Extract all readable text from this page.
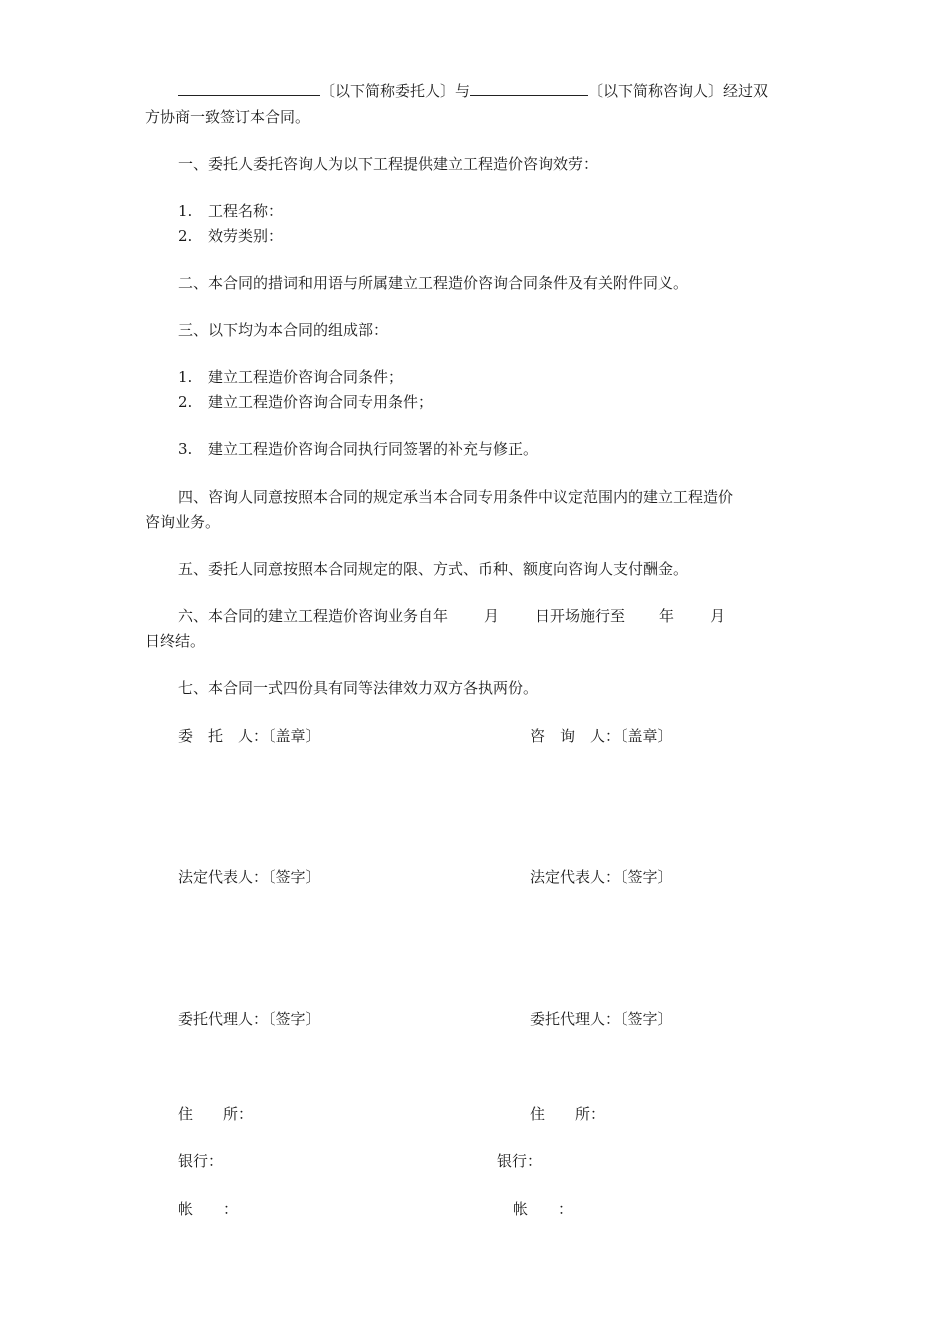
〔以下简称委托人〕与	〔以下简称咨询人〕经过双
方协商一致签订本合同。
一、委托人委托咨询人为以下工程提供建立工程造价咨询效劳：
1. 工程名称：
2. 效劳类别：
二、本合同的措词和用语与所属建立工程造价咨询合同条件及有关附件同义。
三、以下均为本合同的组成部：
1. 建立工程造价咨询合同条件；
2. 建立工程造价咨询合同专用条件；
3. 建立工程造价咨询合同执行同签署的补充与修正。
四、咨询人同意按照本合同的规定承当本合同专用条件中议定范围内的建立工程造价
咨询业务。
五、委托人同意按照本合同规定的限、方式、币种、额度向咨询人支付酬金。
六、本合同的建立工程造价咨询业务自年 月 日开场施行至 年 月
日终结。
七、本合同一式四份具有同等法律效力双方各执两份。
委　托　人：〔盖章〕	咨　询　人：〔盖章〕
法定代表人：〔签字〕	法定代表人：〔签字〕
委托代理人：〔签字〕	委托代理人：〔签字〕
住　　所：	住　　所：
银行：	银行：
帐　　：	帐　　：
